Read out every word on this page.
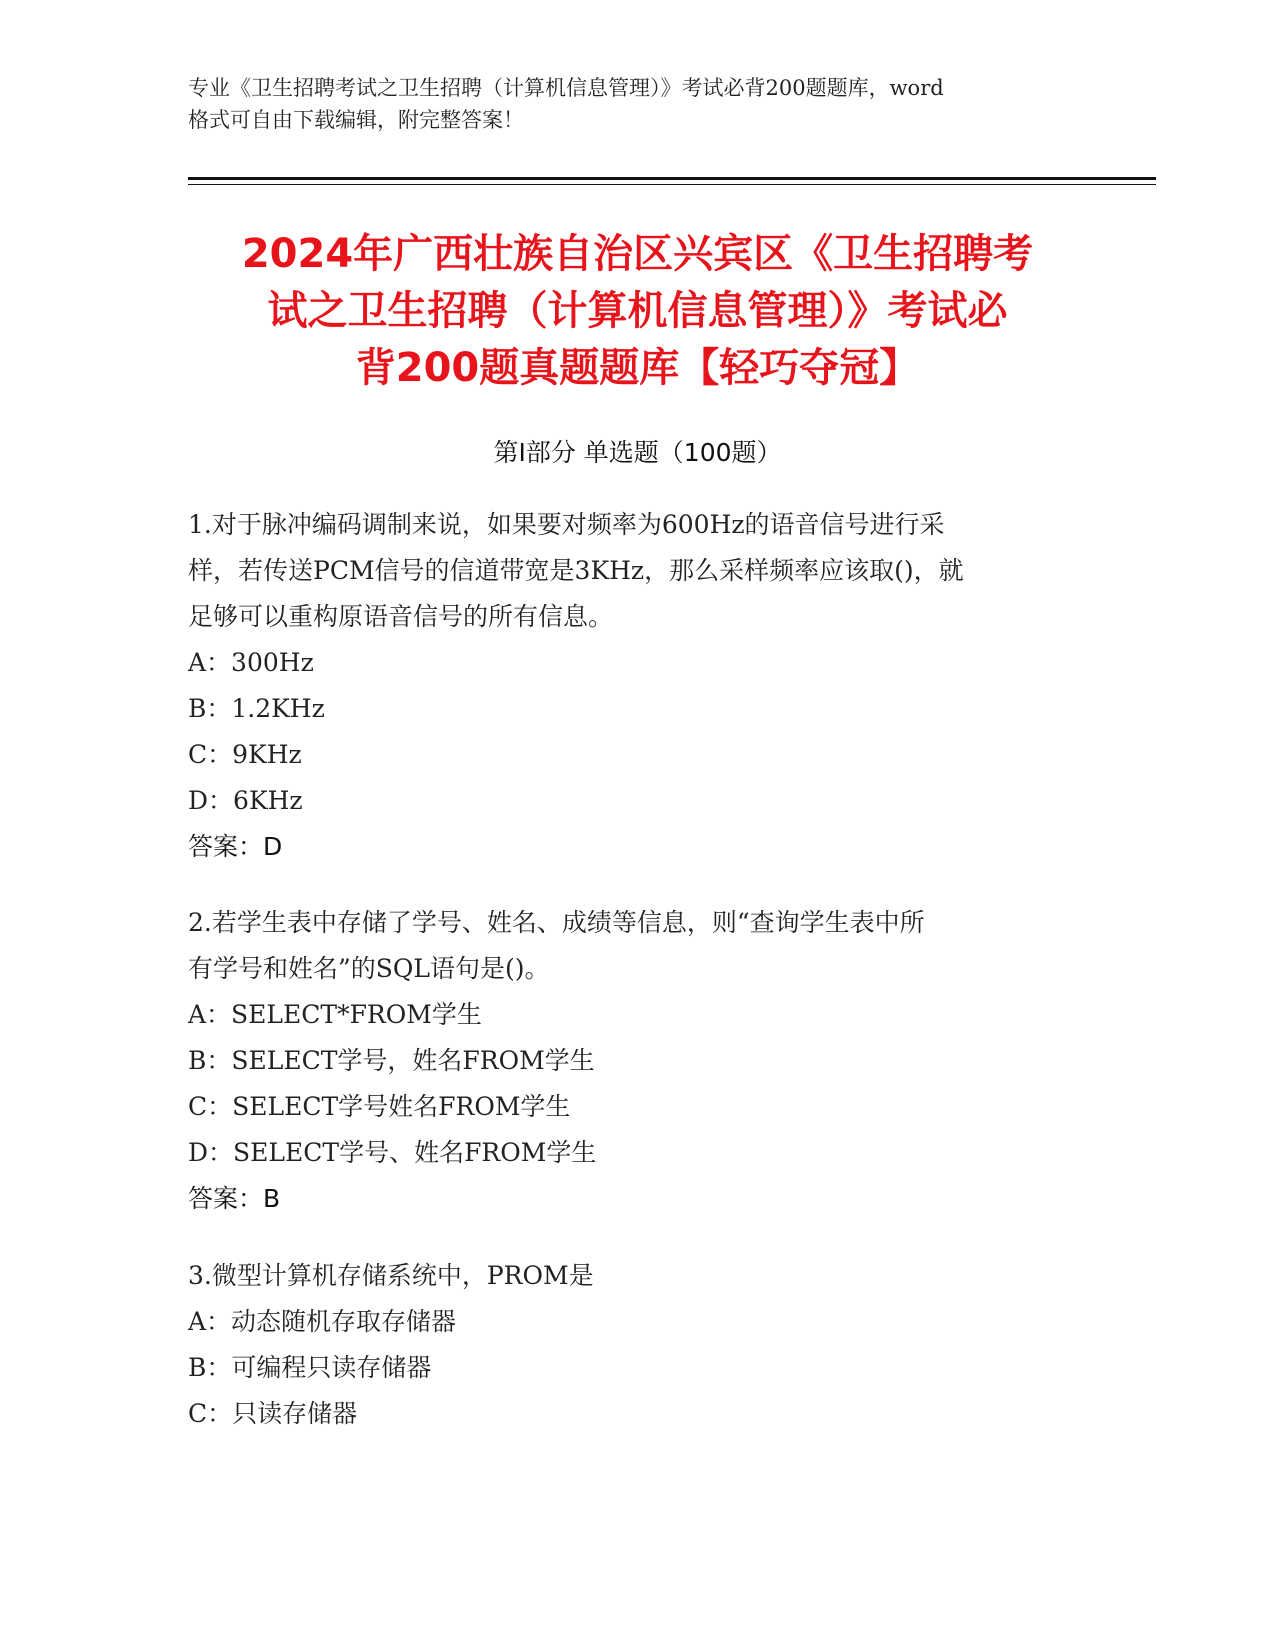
专业《卫生招聘考试之卫生招聘（计算机信息管理）》考试必背200题题库，word
格式可自由下载编辑，附完整答案！
2024年广西壮族自治区兴宾区《卫生招聘考
试之卫生招聘（计算机信息管理）》考试必
背200题真题题库【轻巧夺冠】
第Ⅰ部分 单选题（100题）

1.对于脉冲编码调制来说，如果要对频率为600Hz的语音信号进行采

样，若传送PCM信号的信道带宽是3KHz，那么采样频率应该取()，就

足够可以重构原语音信号的所有信息。

A：300Hz

B：1.2KHz

C：9KHz

D：6KHz

答案：D

2.若学生表中存储了学号、姓名、成绩等信息，则“查询学生表中所

有学号和姓名”的SQL语句是()。

A：SELECT*FROM学生

B：SELECT学号，姓名FROM学生

C：SELECT学号姓名FROM学生

D：SELECT学号、姓名FROM学生

答案：B

3.微型计算机存储系统中，PROM是

A：动态随机存取存储器

B：可编程只读存储器

C：只读存储器
